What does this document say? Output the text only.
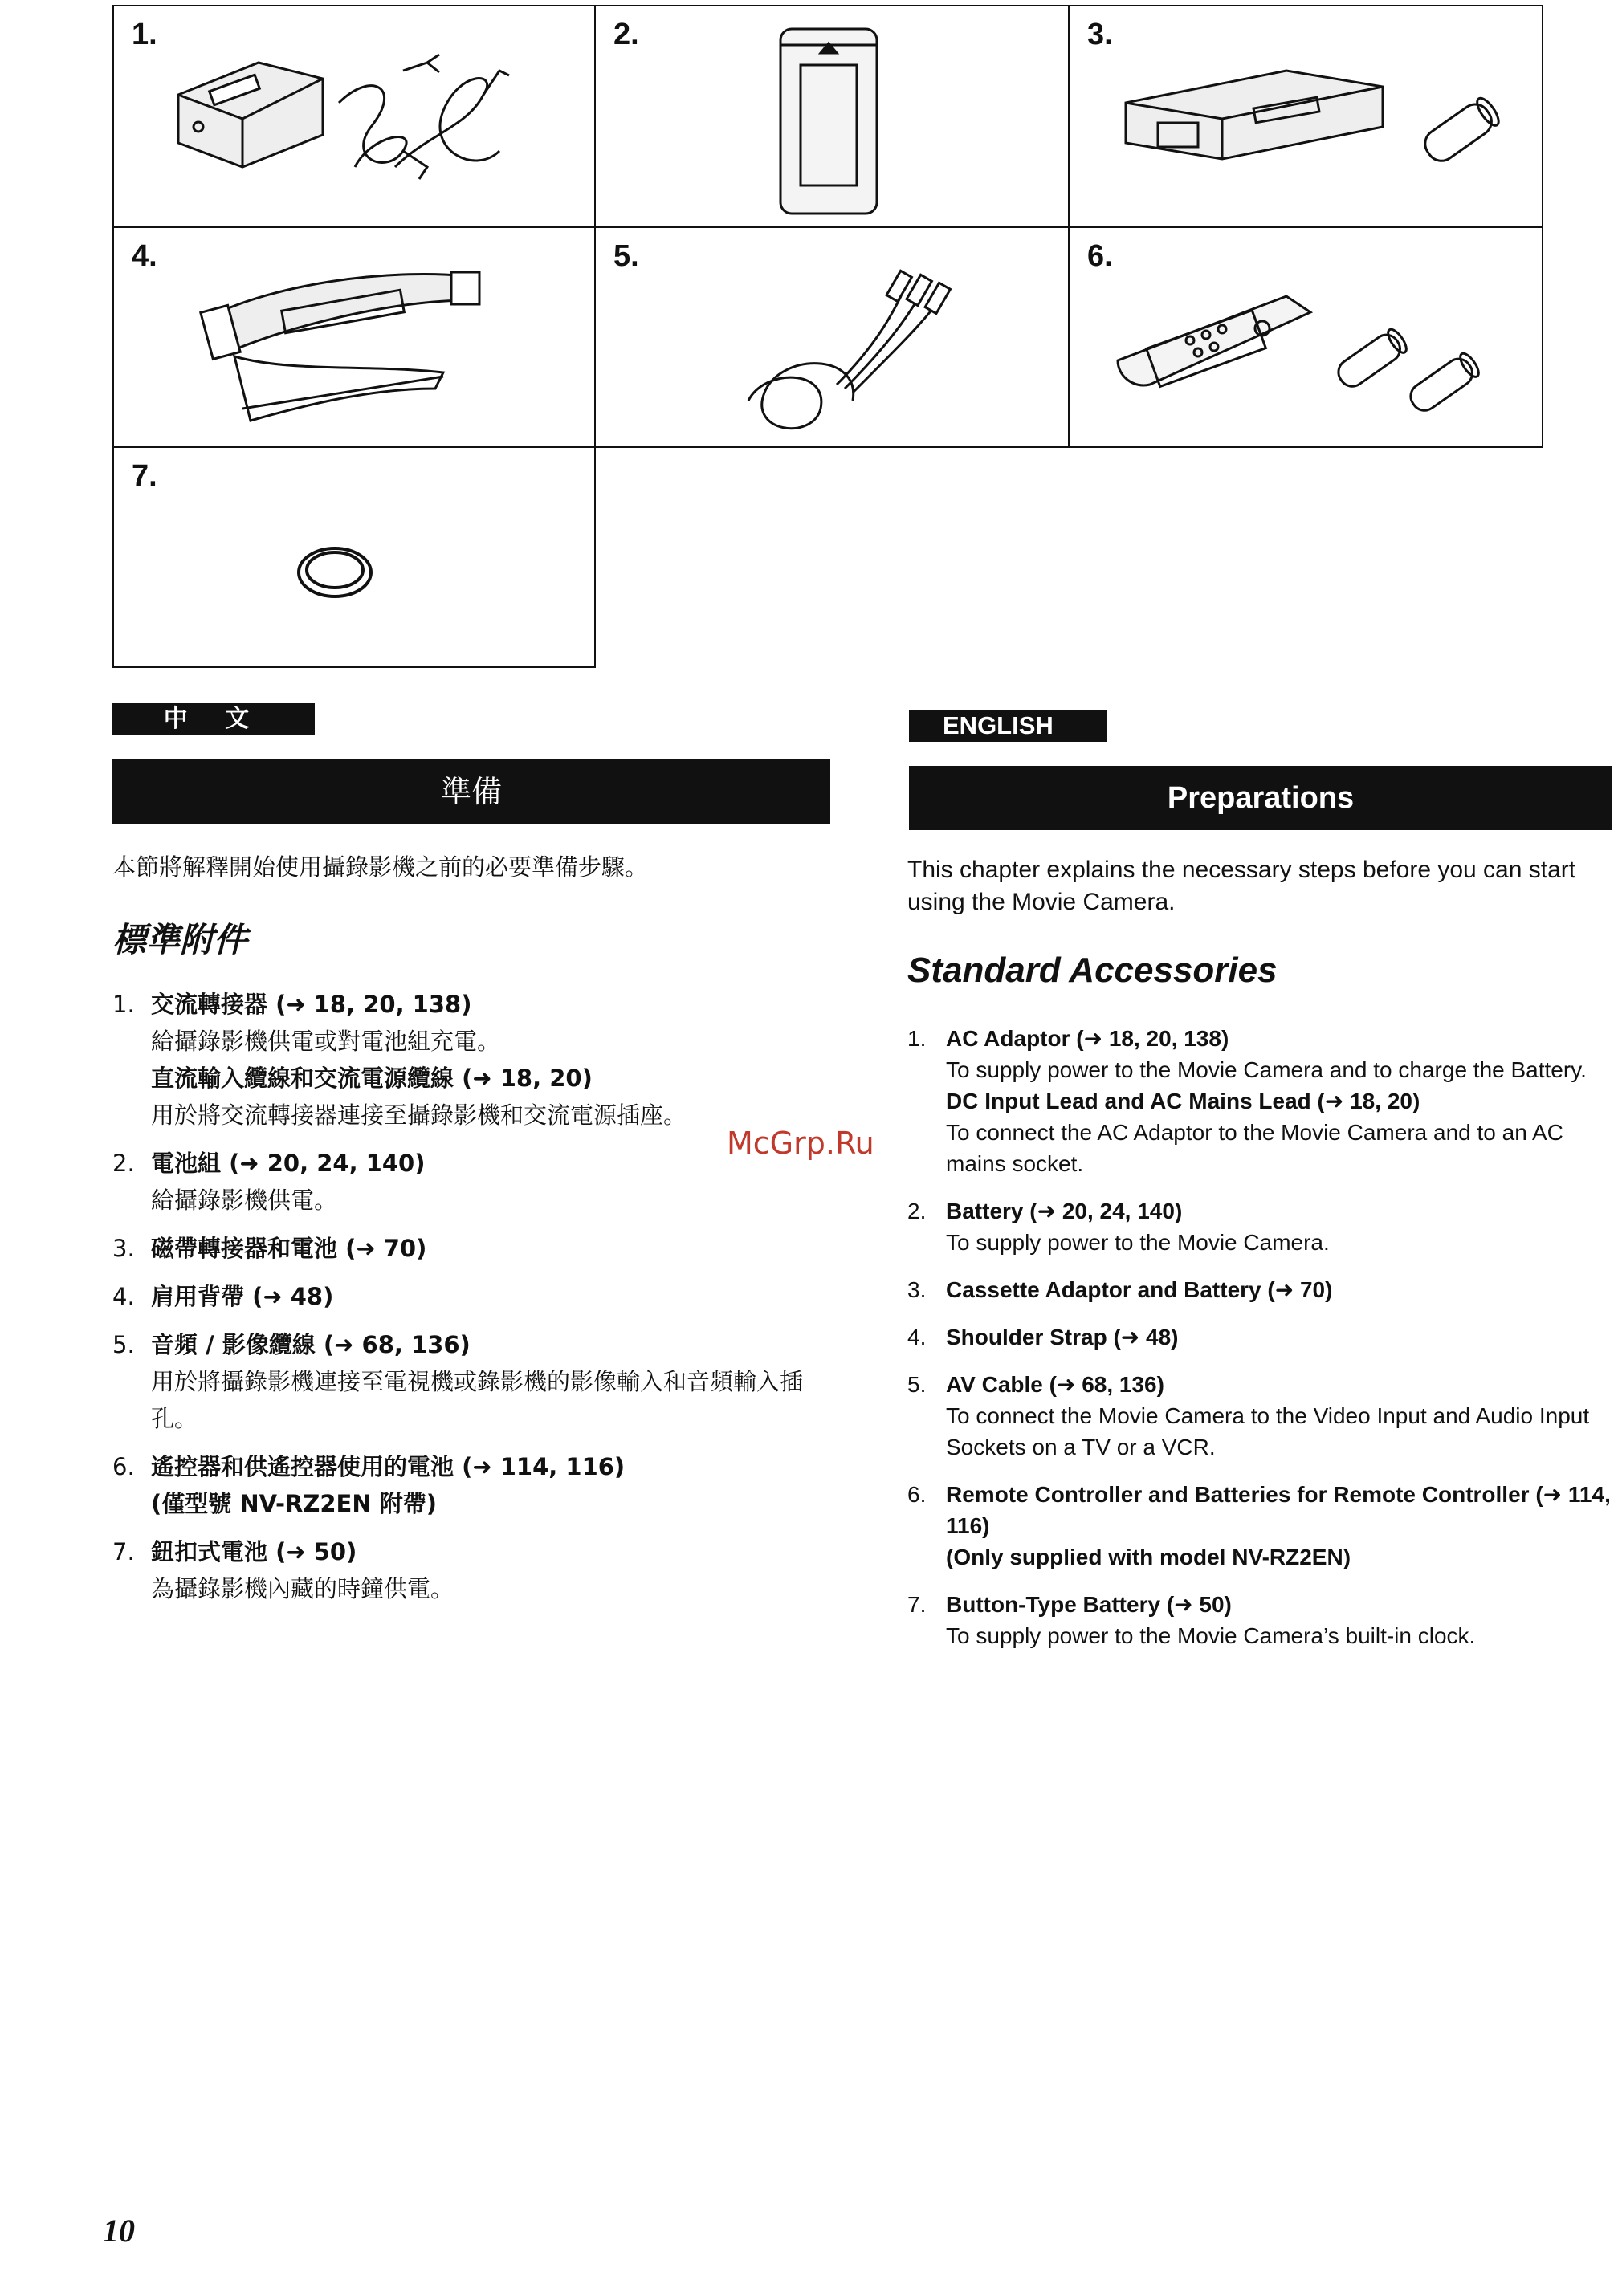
1.	2.	3.
4.	5.	6.
7.
中 文
準備
本節將解釋開始使用攝錄影機之前的必要準備步驟。
標準附件
1. 交流轉接器 (➜ 18, 20, 138)
給攝錄影機供電或對電池組充電。
直流輸入纜線和交流電源纜線 (➜ 18, 20)
用於將交流轉接器連接至攝錄影機和交流電源插座。
2. 電池組 (➜ 20, 24, 140)
給攝錄影機供電。
3. 磁帶轉接器和電池 (➜ 70)
4. 肩用背帶 (➜ 48)
5. 音頻 / 影像纜線 (➜ 68, 136)
用於將攝錄影機連接至電視機或錄影機的影像輸入和音頻輸入插孔。
6. 遙控器和供遙控器使用的電池 (➜ 114, 116)
(僅型號 NV-RZ2EN 附帶)
7. 鈕扣式電池 (➜ 50)
為攝錄影機內藏的時鐘供電。
ENGLISH
Preparations
This chapter explains the necessary steps before you can start using the Movie Camera.
Standard Accessories
1. AC Adaptor (➜ 18, 20, 138)
To supply power to the Movie Camera and to charge the Battery.
DC Input Lead and AC Mains Lead (➜ 18, 20)
To connect the AC Adaptor to the Movie Camera and to an AC mains socket.
2. Battery (➜ 20, 24, 140)
To supply power to the Movie Camera.
3. Cassette Adaptor and Battery (➜ 70)
4. Shoulder Strap (➜ 48)
5. AV Cable (➜ 68, 136)
To connect the Movie Camera to the Video Input and Audio Input Sockets on a TV or a VCR.
6. Remote Controller and Batteries for Remote Controller (➜ 114, 116)
(Only supplied with model NV-RZ2EN)
7. Button-Type Battery (➜ 50)
To supply power to the Movie Camera’s built-in clock.
McGrp.Ru
10
